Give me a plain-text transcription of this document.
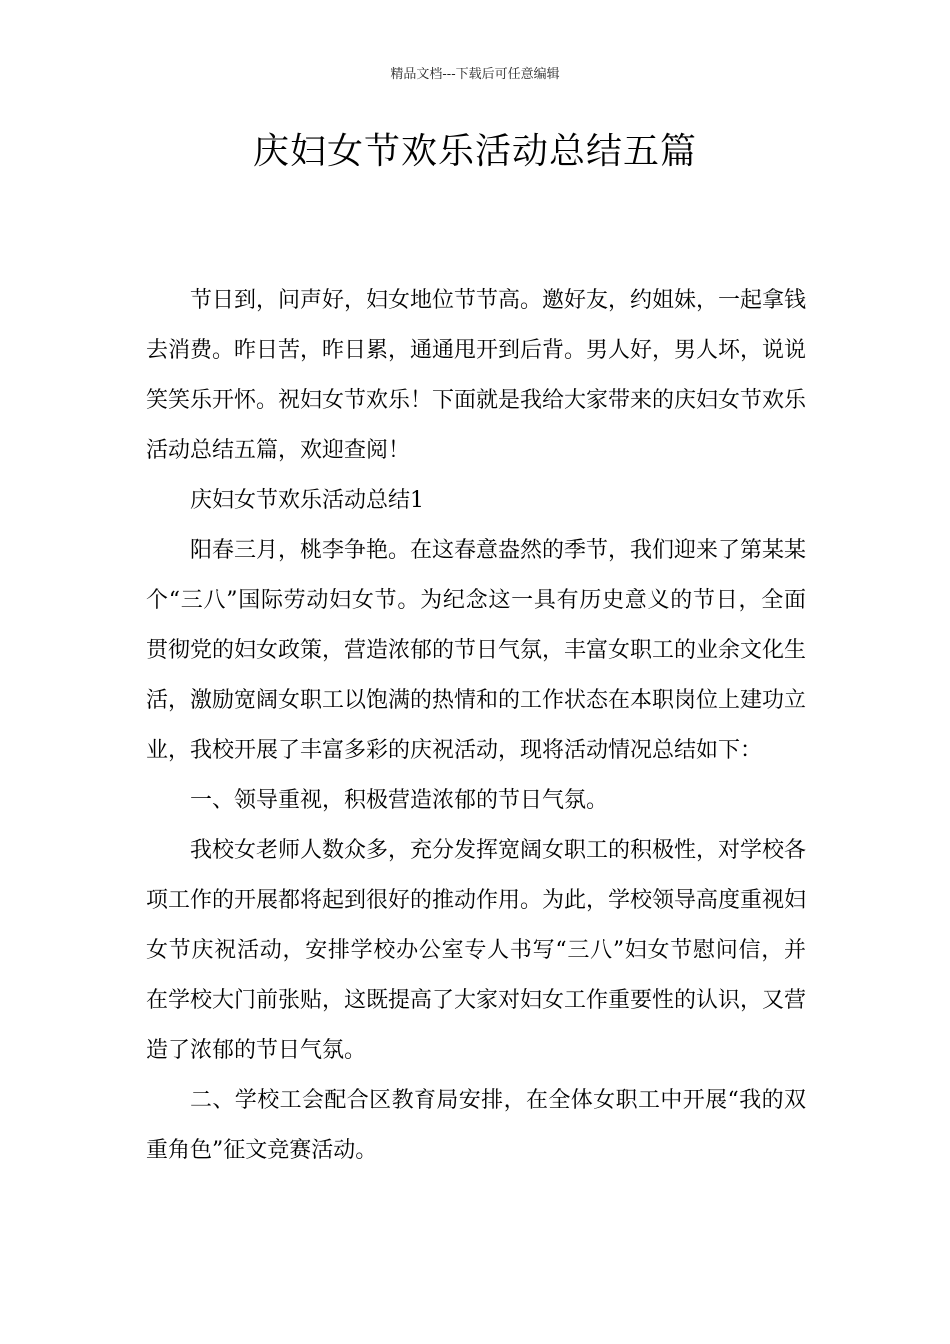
精品文档---下载后可任意编辑
庆妇女节欢乐活动总结五篇

节日到，问声好，妇女地位节节高。邀好友，约姐妹，一起拿钱去消费。昨日苦，昨日累，通通甩开到后背。男人好，男人坏，说说笑笑乐开怀。祝妇女节欢乐！下面就是我给大家带来的庆妇女节欢乐活动总结五篇，欢迎查阅！

庆妇女节欢乐活动总结1

阳春三月，桃李争艳。在这春意盎然的季节，我们迎来了第某某个“三八”国际劳动妇女节。为纪念这一具有历史意义的节日，全面贯彻党的妇女政策，营造浓郁的节日气氛，丰富女职工的业余文化生活，激励宽阔女职工以饱满的热情和的工作状态在本职岗位上建功立业，我校开展了丰富多彩的庆祝活动，现将活动情况总结如下：

一、领导重视，积极营造浓郁的节日气氛。

我校女老师人数众多，充分发挥宽阔女职工的积极性，对学校各项工作的开展都将起到很好的推动作用。为此，学校领导高度重视妇女节庆祝活动，安排学校办公室专人书写“三八”妇女节慰问信，并在学校大门前张贴，这既提高了大家对妇女工作重要性的认识，又营造了浓郁的节日气氛。

二、学校工会配合区教育局安排，在全体女职工中开展“我的双重角色”征文竞赛活动。
